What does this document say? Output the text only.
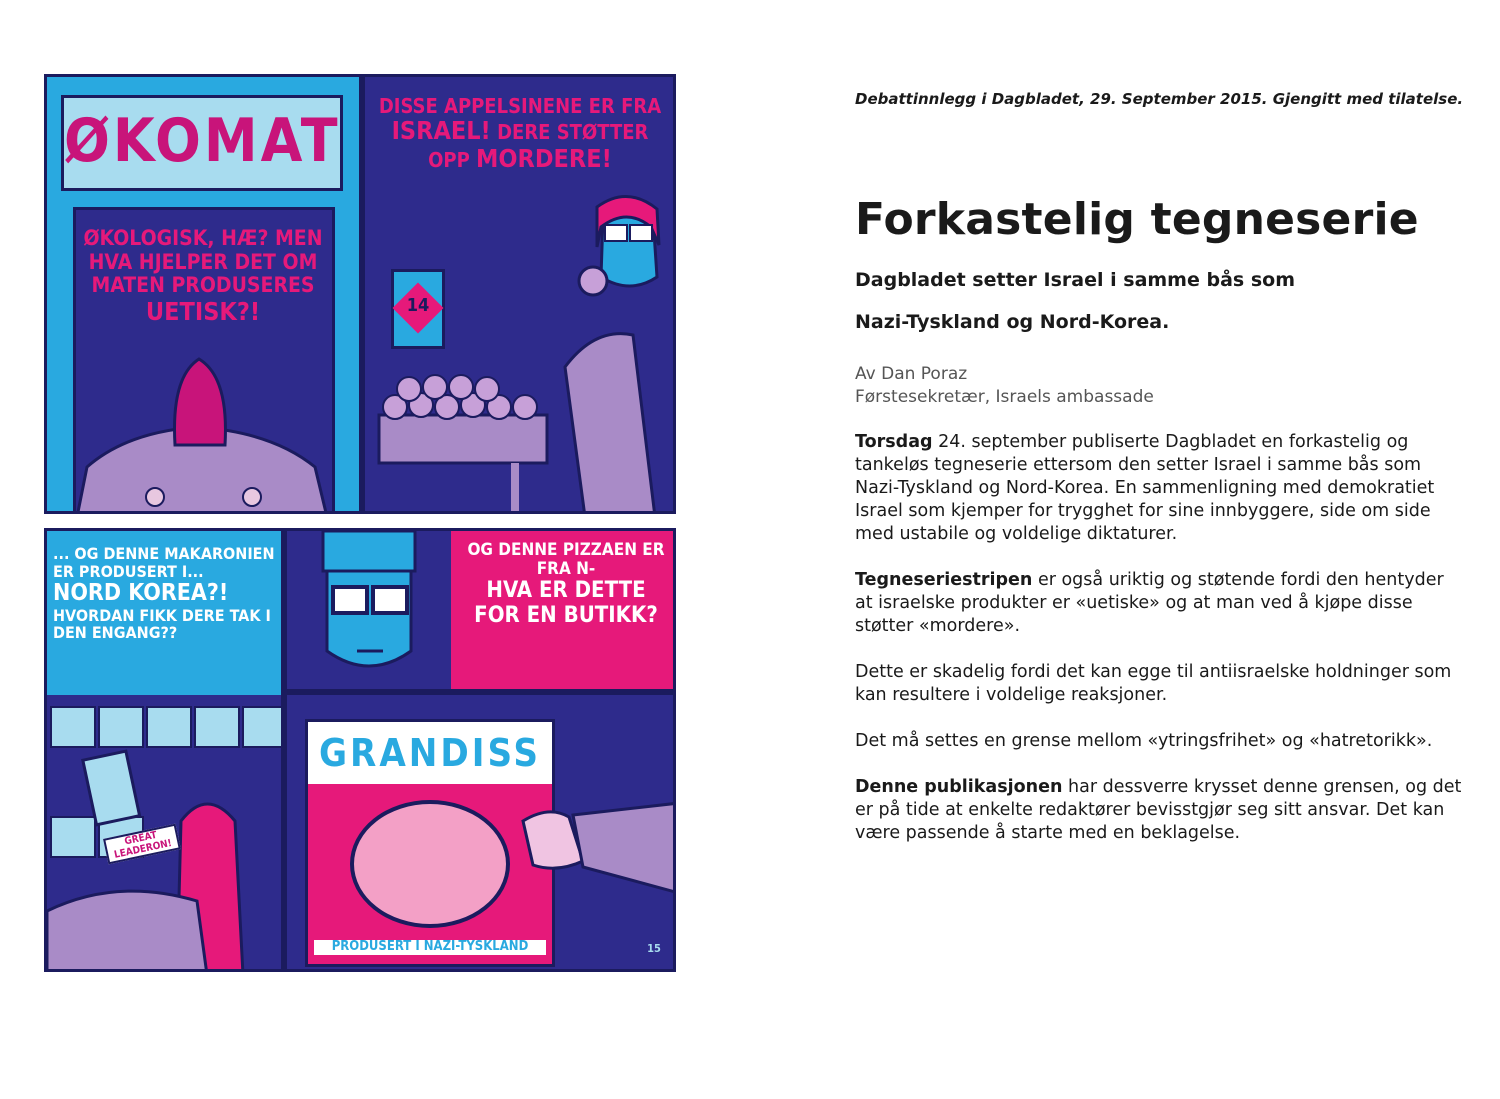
ØKOMAT
ØKOLOGISK, HÆ? MEN HVA HJELPER DET OM MATEN PRODUSERES UETISK?!
DISSE APPELSINENE ER FRA
ISRAEL! DERE STØTTER OPP MORDERE!
14
... OG DENNE MAKARONIEN ER PRODUSERT I...
NORD KOREA?!
HVORDAN FIKK DERE TAK I DEN ENGANG??
GREAT LEADERON!
OG DENNE PIZZAEN ER FRA N-
HVA ER DETTE FOR EN BUTIKK?
GRANDISS
PRODUSERT I NAZI-TYSKLAND	15

Debattinnlegg i Dagbladet, 29. September 2015. Gjengitt med tilatelse.

Forkastelig tegneserie

Dagbladet setter Israel i samme bås som

Nazi-Tyskland og Nord-Korea.

Av Dan Poraz
Førstesekretær, Israels ambassade

Torsdag 24. september publiserte Dagbladet en forkastelig og tankeløs tegneserie ettersom den setter Israel i samme bås som Nazi-Tyskland og Nord-Korea. En sammenligning med demokratiet Israel som kjemper for trygghet for sine innbyggere, side om side med ustabile og voldelige diktaturer.

Tegneseriestripen er også uriktig og støtende fordi den hentyder at israelske produkter er «uetiske» og at man ved å kjøpe disse støtter «mordere».

Dette er skadelig fordi det kan egge til antiisraelske holdninger som kan resultere i voldelige reaksjoner.

Det må settes en grense mellom «ytringsfrihet» og «hatretorikk».

Denne publikasjonen har dessverre krysset denne grensen, og det er på tide at enkelte redaktører bevisstgjør seg sitt ansvar. Det kan være passende å starte med en beklagelse.
